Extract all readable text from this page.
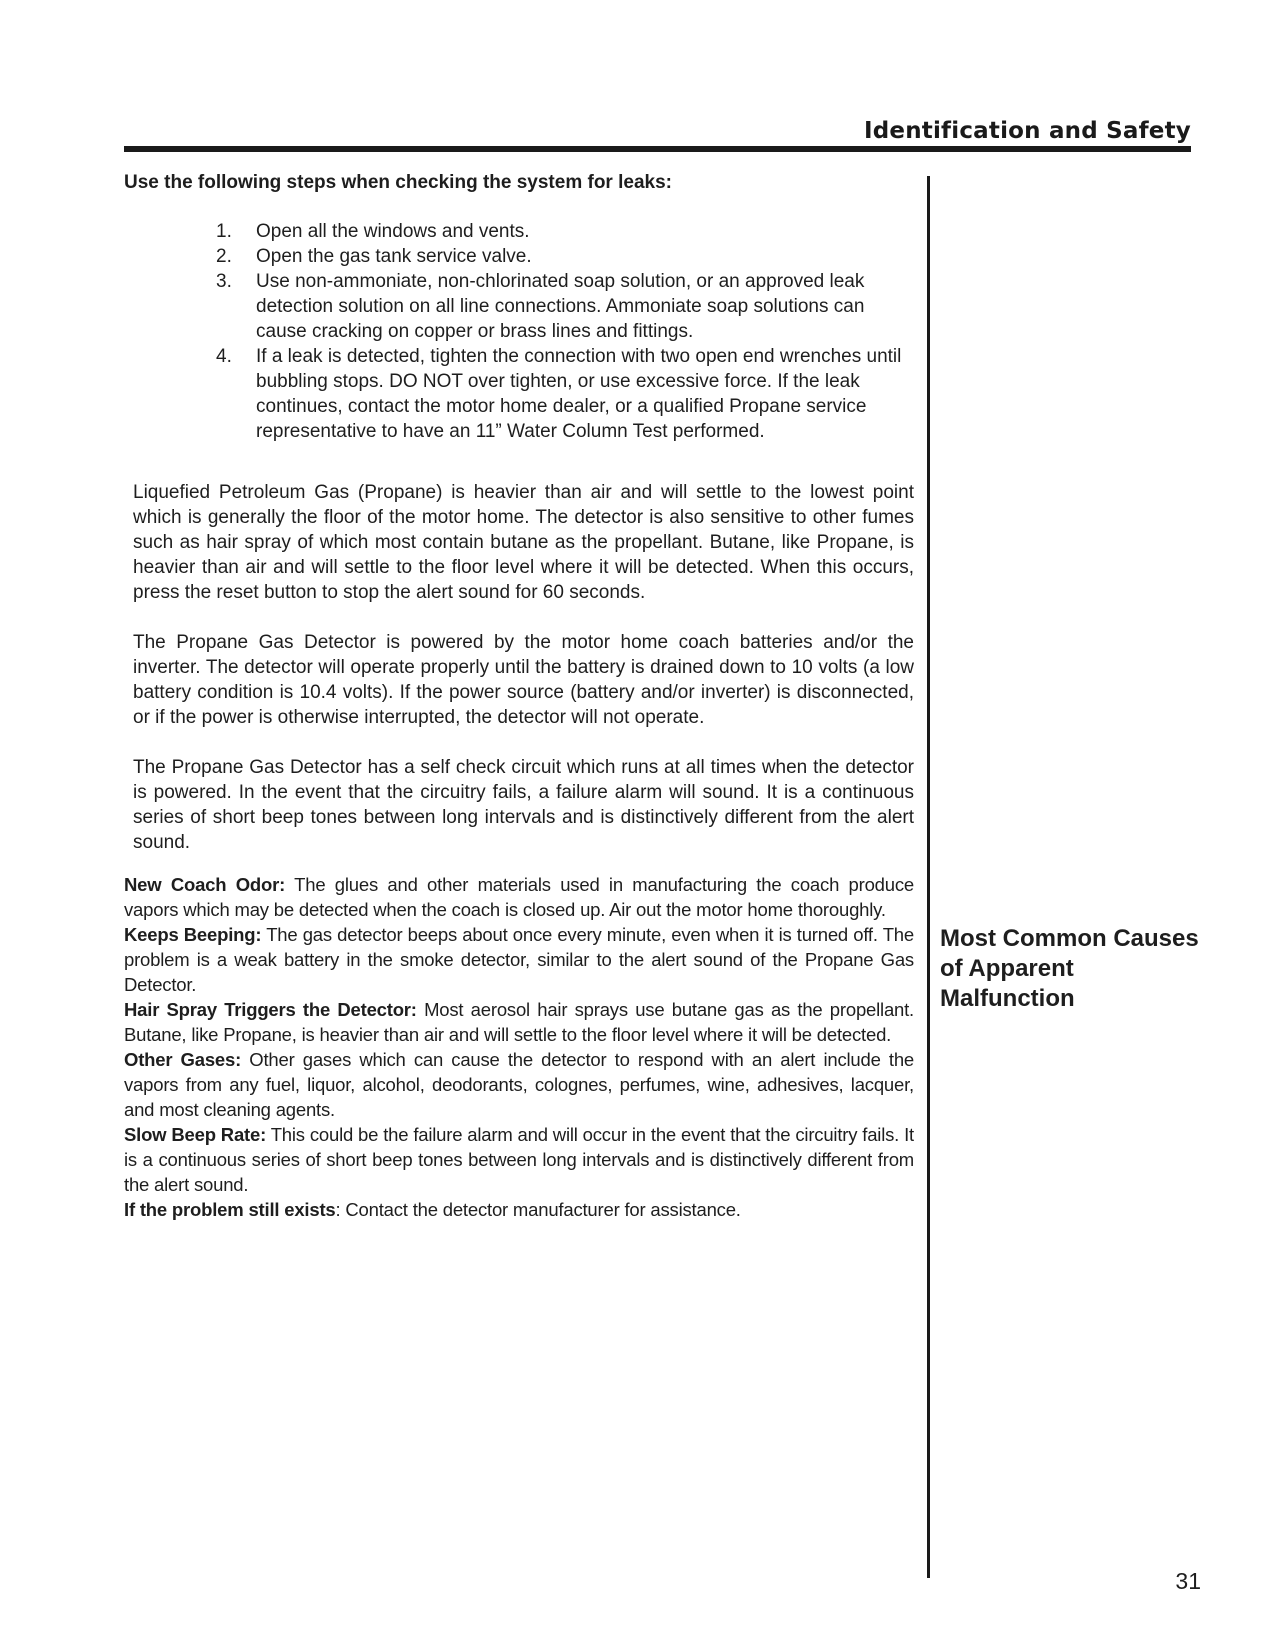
Identification and Safety

Use the following steps when checking the system for leaks:

1. Open all the windows and vents.
2. Open the gas tank service valve.
3. Use non-ammoniate, non-chlorinated soap solution, or an approved leak detection solution on all line connections. Ammoniate soap solutions can cause cracking on copper or brass lines and fittings.
4. If a leak is detected, tighten the connection with two open end wrenches until bubbling stops. DO NOT over tighten, or use excessive force. If the leak continues, contact the motor home dealer, or a qualified Propane service representative to have an 11” Water Column Test performed.

Liquefied Petroleum Gas (Propane) is heavier than air and will settle to the lowest point which is generally the floor of the motor home. The detector is also sensitive to other fumes such as hair spray of which most contain butane as the propellant. Butane, like Propane, is heavier than air and will settle to the floor level where it will be detected. When this occurs, press the reset button to stop the alert sound for 60 seconds.

The Propane Gas Detector is powered by the motor home coach batteries and/or the inverter. The detector will operate properly until the battery is drained down to 10 volts (a low battery condition is 10.4 volts). If the power source (battery and/or inverter) is disconnected, or if the power is otherwise interrupted, the detector will not operate.

The Propane Gas Detector has a self check circuit which runs at all times when the detector is powered. In the event that the circuitry fails, a failure alarm will sound. It is a continuous series of short beep tones between long intervals and is distinctively different from the alert sound.

New Coach Odor: The glues and other materials used in manufacturing the coach produce vapors which may be detected when the coach is closed up. Air out the motor home thoroughly.

Keeps Beeping: The gas detector beeps about once every minute, even when it is turned off. The problem is a weak battery in the smoke detector, similar to the alert sound of the Propane Gas Detector.

Hair Spray Triggers the Detector: Most aerosol hair sprays use butane gas as the propellant. Butane, like Propane, is heavier than air and will settle to the floor level where it will be detected.

Other Gases: Other gases which can cause the detector to respond with an alert include the vapors from any fuel, liquor, alcohol, deodorants, colognes, perfumes, wine, adhesives, lacquer, and most cleaning agents.

Slow Beep Rate: This could be the failure alarm and will occur in the event that the circuitry fails. It is a continuous series of short beep tones between long intervals and is distinctively different from the alert sound.

If the problem still exists: Contact the detector manufacturer for assistance.

Most Common Causes of Apparent Malfunction
31
